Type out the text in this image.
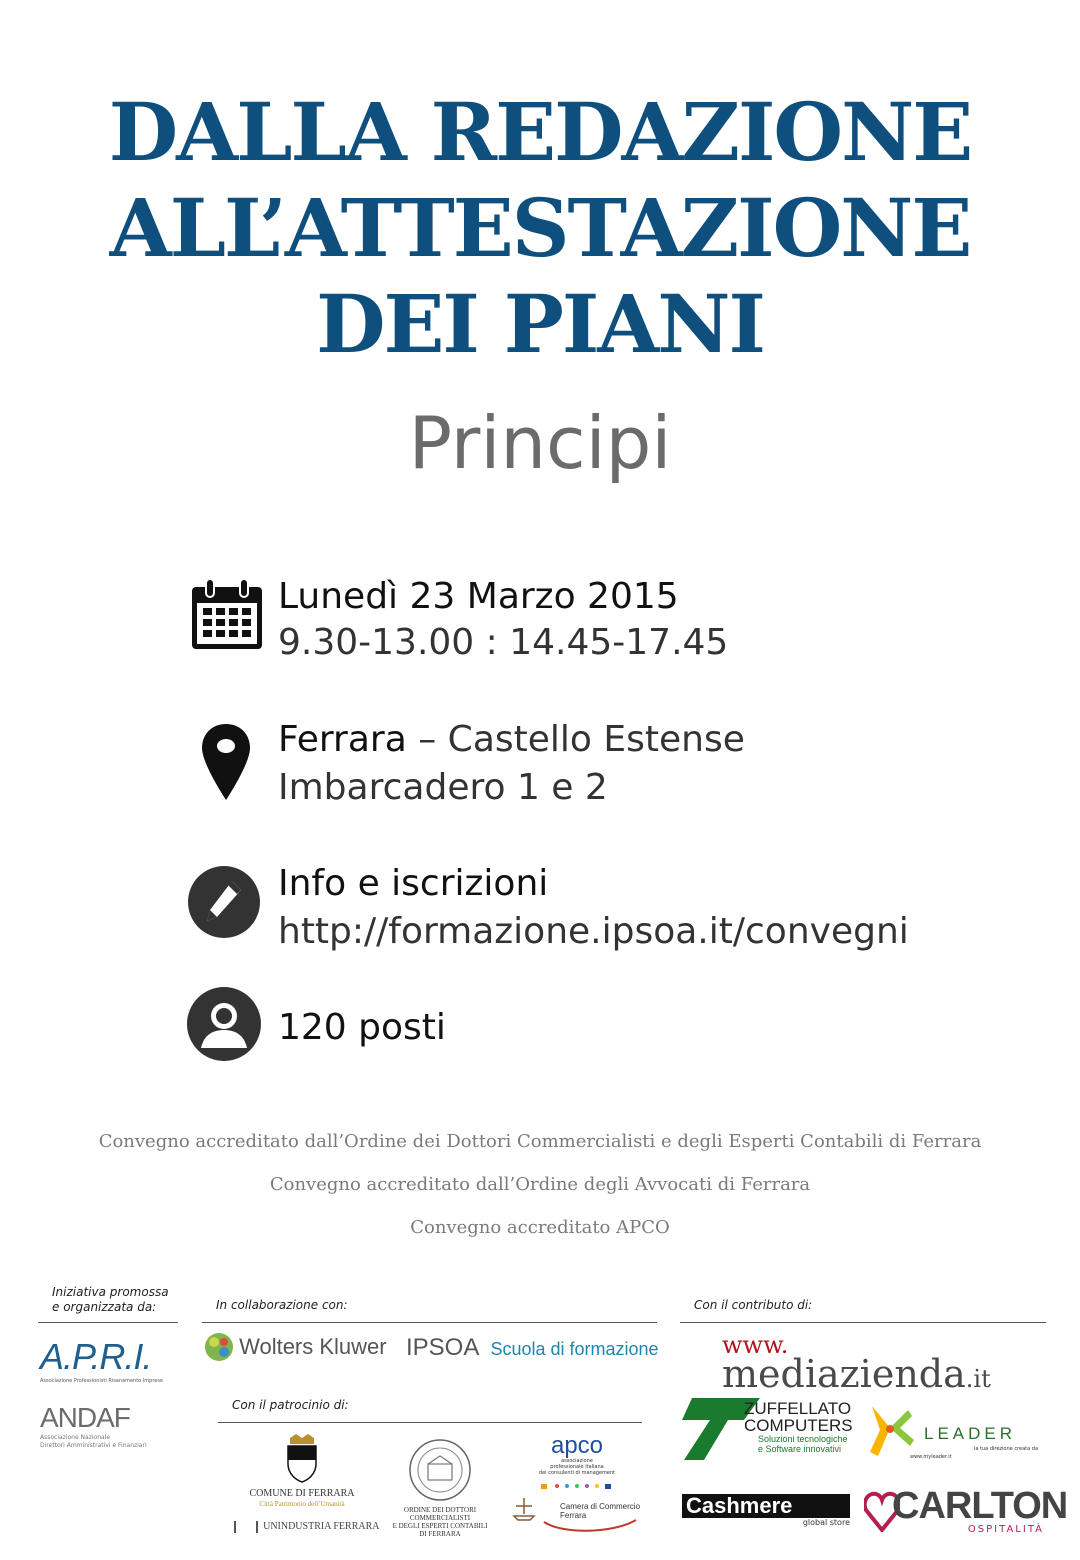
DALLA REDAZIONE
ALL’ATTESTAZIONE
DEI PIANI
Principi
Lunedì 23 Marzo 2015
9.30-13.00 : 14.45-17.45
Ferrara – Castello Estense
Imbarcadero 1 e 2
Info e iscrizioni
http://formazione.ipsoa.it/convegni
120 posti
Convegno accreditato dall’Ordine dei Dottori Commercialisti e degli Esperti Contabili di Ferrara
Convegno accreditato dall’Ordine degli Avvocati di Ferrara
Convegno accreditato APCO
Iniziativa promossa
e organizzata da:	In collaborazione con:	Con il contributo di:
Con il patrocinio di:
A.P.R.I.
Associazione Professionisti Risanamento Imprese
ANDAF
Associazione Nazionale
Direttori Amministrativi e Finanziari
Wolters Kluwer IPSOA Scuola di formazione	www.
mediazienda.it
ZUFFELLATO
COMPUTERS
Soluzioni tecnologiche
e Software innovativi
LEADER
la tua direzione creata da
www.myleader.it
Cashmere
global store CARLTON
OSPITALITÀ
COMUNE DI FERRARA
Città Patrimonio dell’Umanità
UNINDUSTRIA FERRARA
ORDINE DEI DOTTORI
COMMERCIALISTI
E DEGLI ESPERTI CONTABILI
DI FERRARA
apco
associazione
professionale italiana
dei consulenti di management
Camera di Commercio
Ferrara
